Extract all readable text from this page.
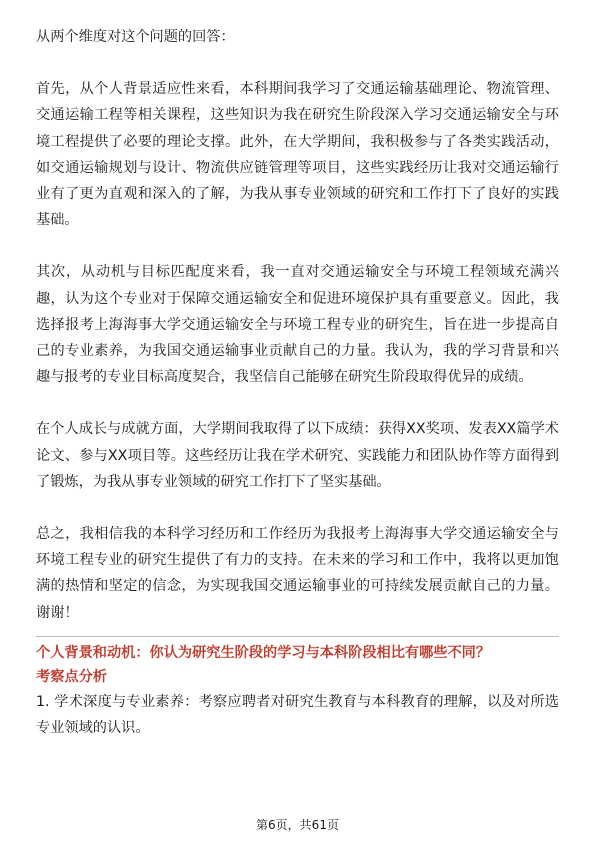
从两个维度对这个问题的回答：

首先，从个人背景适应性来看，本科期间我学习了交通运输基础理论、物流管理、交通运输工程等相关课程，这些知识为我在研究生阶段深入学习交通运输安全与环境工程提供了必要的理论支撑。此外，在大学期间，我积极参与了各类实践活动，如交通运输规划与设计、物流供应链管理等项目，这些实践经历让我对交通运输行业有了更为直观和深入的了解，为我从事专业领域的研究和工作打下了良好的实践基础。

其次，从动机与目标匹配度来看，我一直对交通运输安全与环境工程领域充满兴趣，认为这个专业对于保障交通运输安全和促进环境保护具有重要意义。因此，我选择报考上海海事大学交通运输安全与环境工程专业的研究生，旨在进一步提高自己的专业素养，为我国交通运输事业贡献自己的力量。我认为，我的学习背景和兴趣与报考的专业目标高度契合，我坚信自己能够在研究生阶段取得优异的成绩。

在个人成长与成就方面，大学期间我取得了以下成绩：获得XX奖项、发表XX篇学术论文、参与XX项目等。这些经历让我在学术研究、实践能力和团队协作等方面得到了锻炼，为我从事专业领域的研究工作打下了坚实基础。

总之，我相信我的本科学习经历和工作经历为我报考上海海事大学交通运输安全与环境工程专业的研究生提供了有力的支持。在未来的学习和工作中，我将以更加饱满的热情和坚定的信念，为实现我国交通运输事业的可持续发展贡献自己的力量。谢谢！

个人背景和动机：你认为研究生阶段的学习与本科阶段相比有哪些不同？

考察点分析

1. 学术深度与专业素养：考察应聘者对研究生教育与本科教育的理解，以及对所选专业领域的认识。

第6页，共61页
